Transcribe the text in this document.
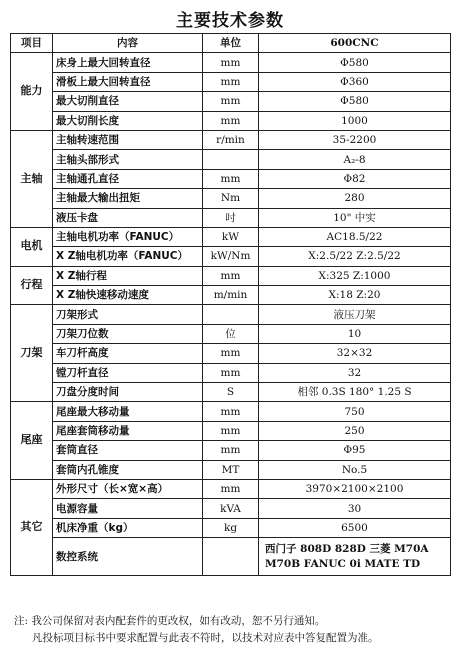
主要技术参数
项目	内容	单位	600CNC
能力	床身上最大回转直径	mm	Φ580
	滑板上最大回转直径	mm	Φ360
	最大切削直径	mm	Φ580
	最大切削长度	mm	1000
主轴	主轴转速范围	r/min	35-2200
	主轴头部形式		A₂-8
	主轴通孔直径	mm	Φ82
	主轴最大输出扭矩	Nm	280
	液压卡盘	吋	10" 中实
电机	主轴电机功率（FANUC）	kW	AC18.5/22
	X Z轴电机功率（FANUC）	kW/Nm	X:2.5/22 Z:2.5/22
行程	X Z轴行程	mm	X:325 Z:1000
	X Z轴快速移动速度	m/min	X:18 Z:20
刀架	刀架形式		液压刀架
	刀架刀位数	位	10
	车刀杆高度	mm	32×32
	镗刀杆直径	mm	32
	刀盘分度时间	S	相邻 0.3S 180° 1.25 S
尾座	尾座最大移动量	mm	750
	尾座套筒移动量	mm	250
	套筒直径	mm	Φ95
	套筒内孔锥度	MT	No.5
其它	外形尺寸（长×宽×高）	mm	3970×2100×2100
	电源容量	kVA	30
	机床净重（kg）	kg	6500
	数控系统		西门子 808D 828D 三菱 M70A M70B FANUC 0i MATE TD
注: 我公司保留对表内配套件的更改权，如有改动，恕不另行通知。
凡投标项目标书中要求配置与此表不符时，以技术对应表中答复配置为准。
